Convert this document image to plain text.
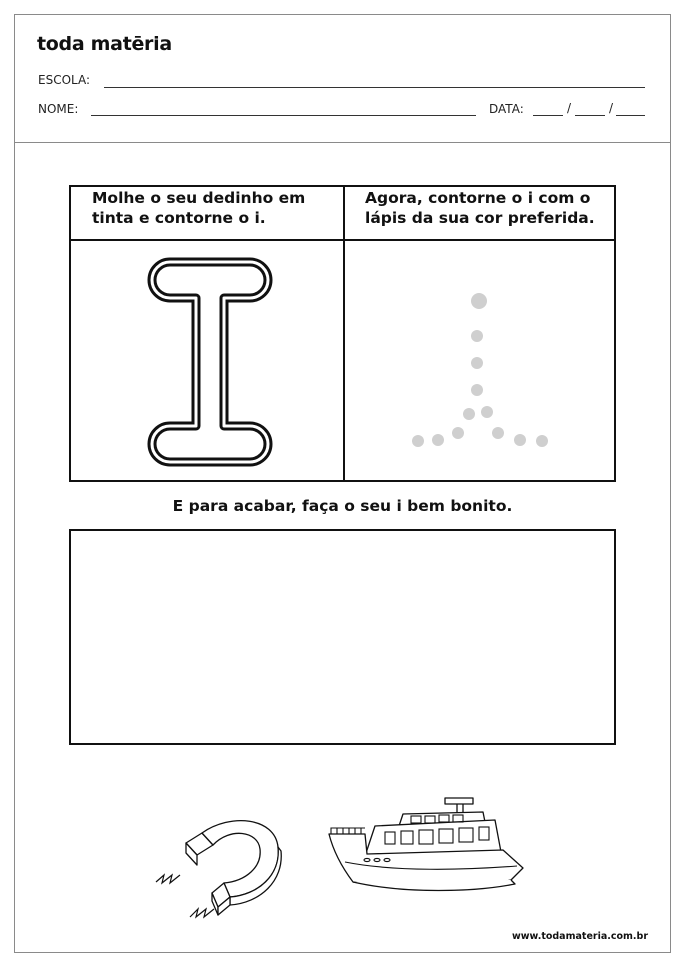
toda matēria
ESCOLA:
NOME:	DATA:	/	/
Molhe o seu dedinho em
tinta e contorne o i.
Agora, contorne o i com o
lápis da sua cor preferida.
E para acabar, faça o seu i bem bonito.
www.todamateria.com.br
